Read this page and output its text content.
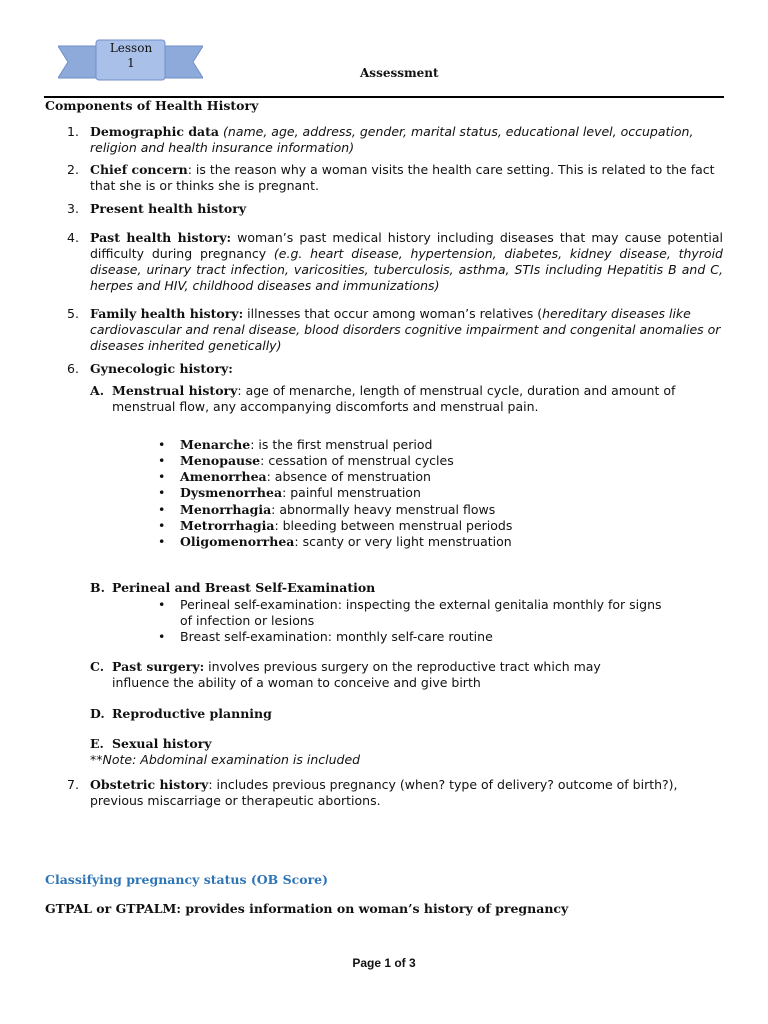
Lesson
1
Assessment
Components of Health History
1. Demographic data (name, age, address, gender, marital status, educational level, occupation, religion and health insurance information)
2. Chief concern: is the reason why a woman visits the health care setting. This is related to the fact that she is or thinks she is pregnant.
3. Present health history
4. Past health history: woman’s past medical history including diseases that may cause potential difficulty during pregnancy (e.g. heart disease, hypertension, diabetes, kidney disease, thyroid disease, urinary tract infection, varicosities, tuberculosis, asthma, STIs including Hepatitis B and C, herpes and HIV, childhood diseases and immunizations)
5. Family health history: illnesses that occur among woman’s relatives (hereditary diseases like cardiovascular and renal disease, blood disorders cognitive impairment and congenital anomalies or diseases inherited genetically)
6. Gynecologic history:
A. Menstrual history: age of menarche, length of menstrual cycle, duration and amount of menstrual flow, any accompanying discomforts and menstrual pain.
•	Menarche: is the first menstrual period
•	Menopause: cessation of menstrual cycles
•	Amenorrhea: absence of menstruation
•	Dysmenorrhea: painful menstruation
•	Menorrhagia: abnormally heavy menstrual flows
•	Metrorrhagia: bleeding between menstrual periods
•	Oligomenorrhea: scanty or very light menstruation
B. Perineal and Breast Self-Examination
•	Perineal self-examination: inspecting the external genitalia monthly for signs of infection or lesions
•	Breast self-examination: monthly self-care routine
C. Past surgery: involves previous surgery on the reproductive tract which may influence the ability of a woman to conceive and give birth
D. Reproductive planning
E. Sexual history
**Note: Abdominal examination is included
7. Obstetric history: includes previous pregnancy (when? type of delivery? outcome of birth?), previous miscarriage or therapeutic abortions.
Classifying pregnancy status (OB Score)
GTPAL or GTPALM: provides information on woman’s history of pregnancy
Page 1 of 3
